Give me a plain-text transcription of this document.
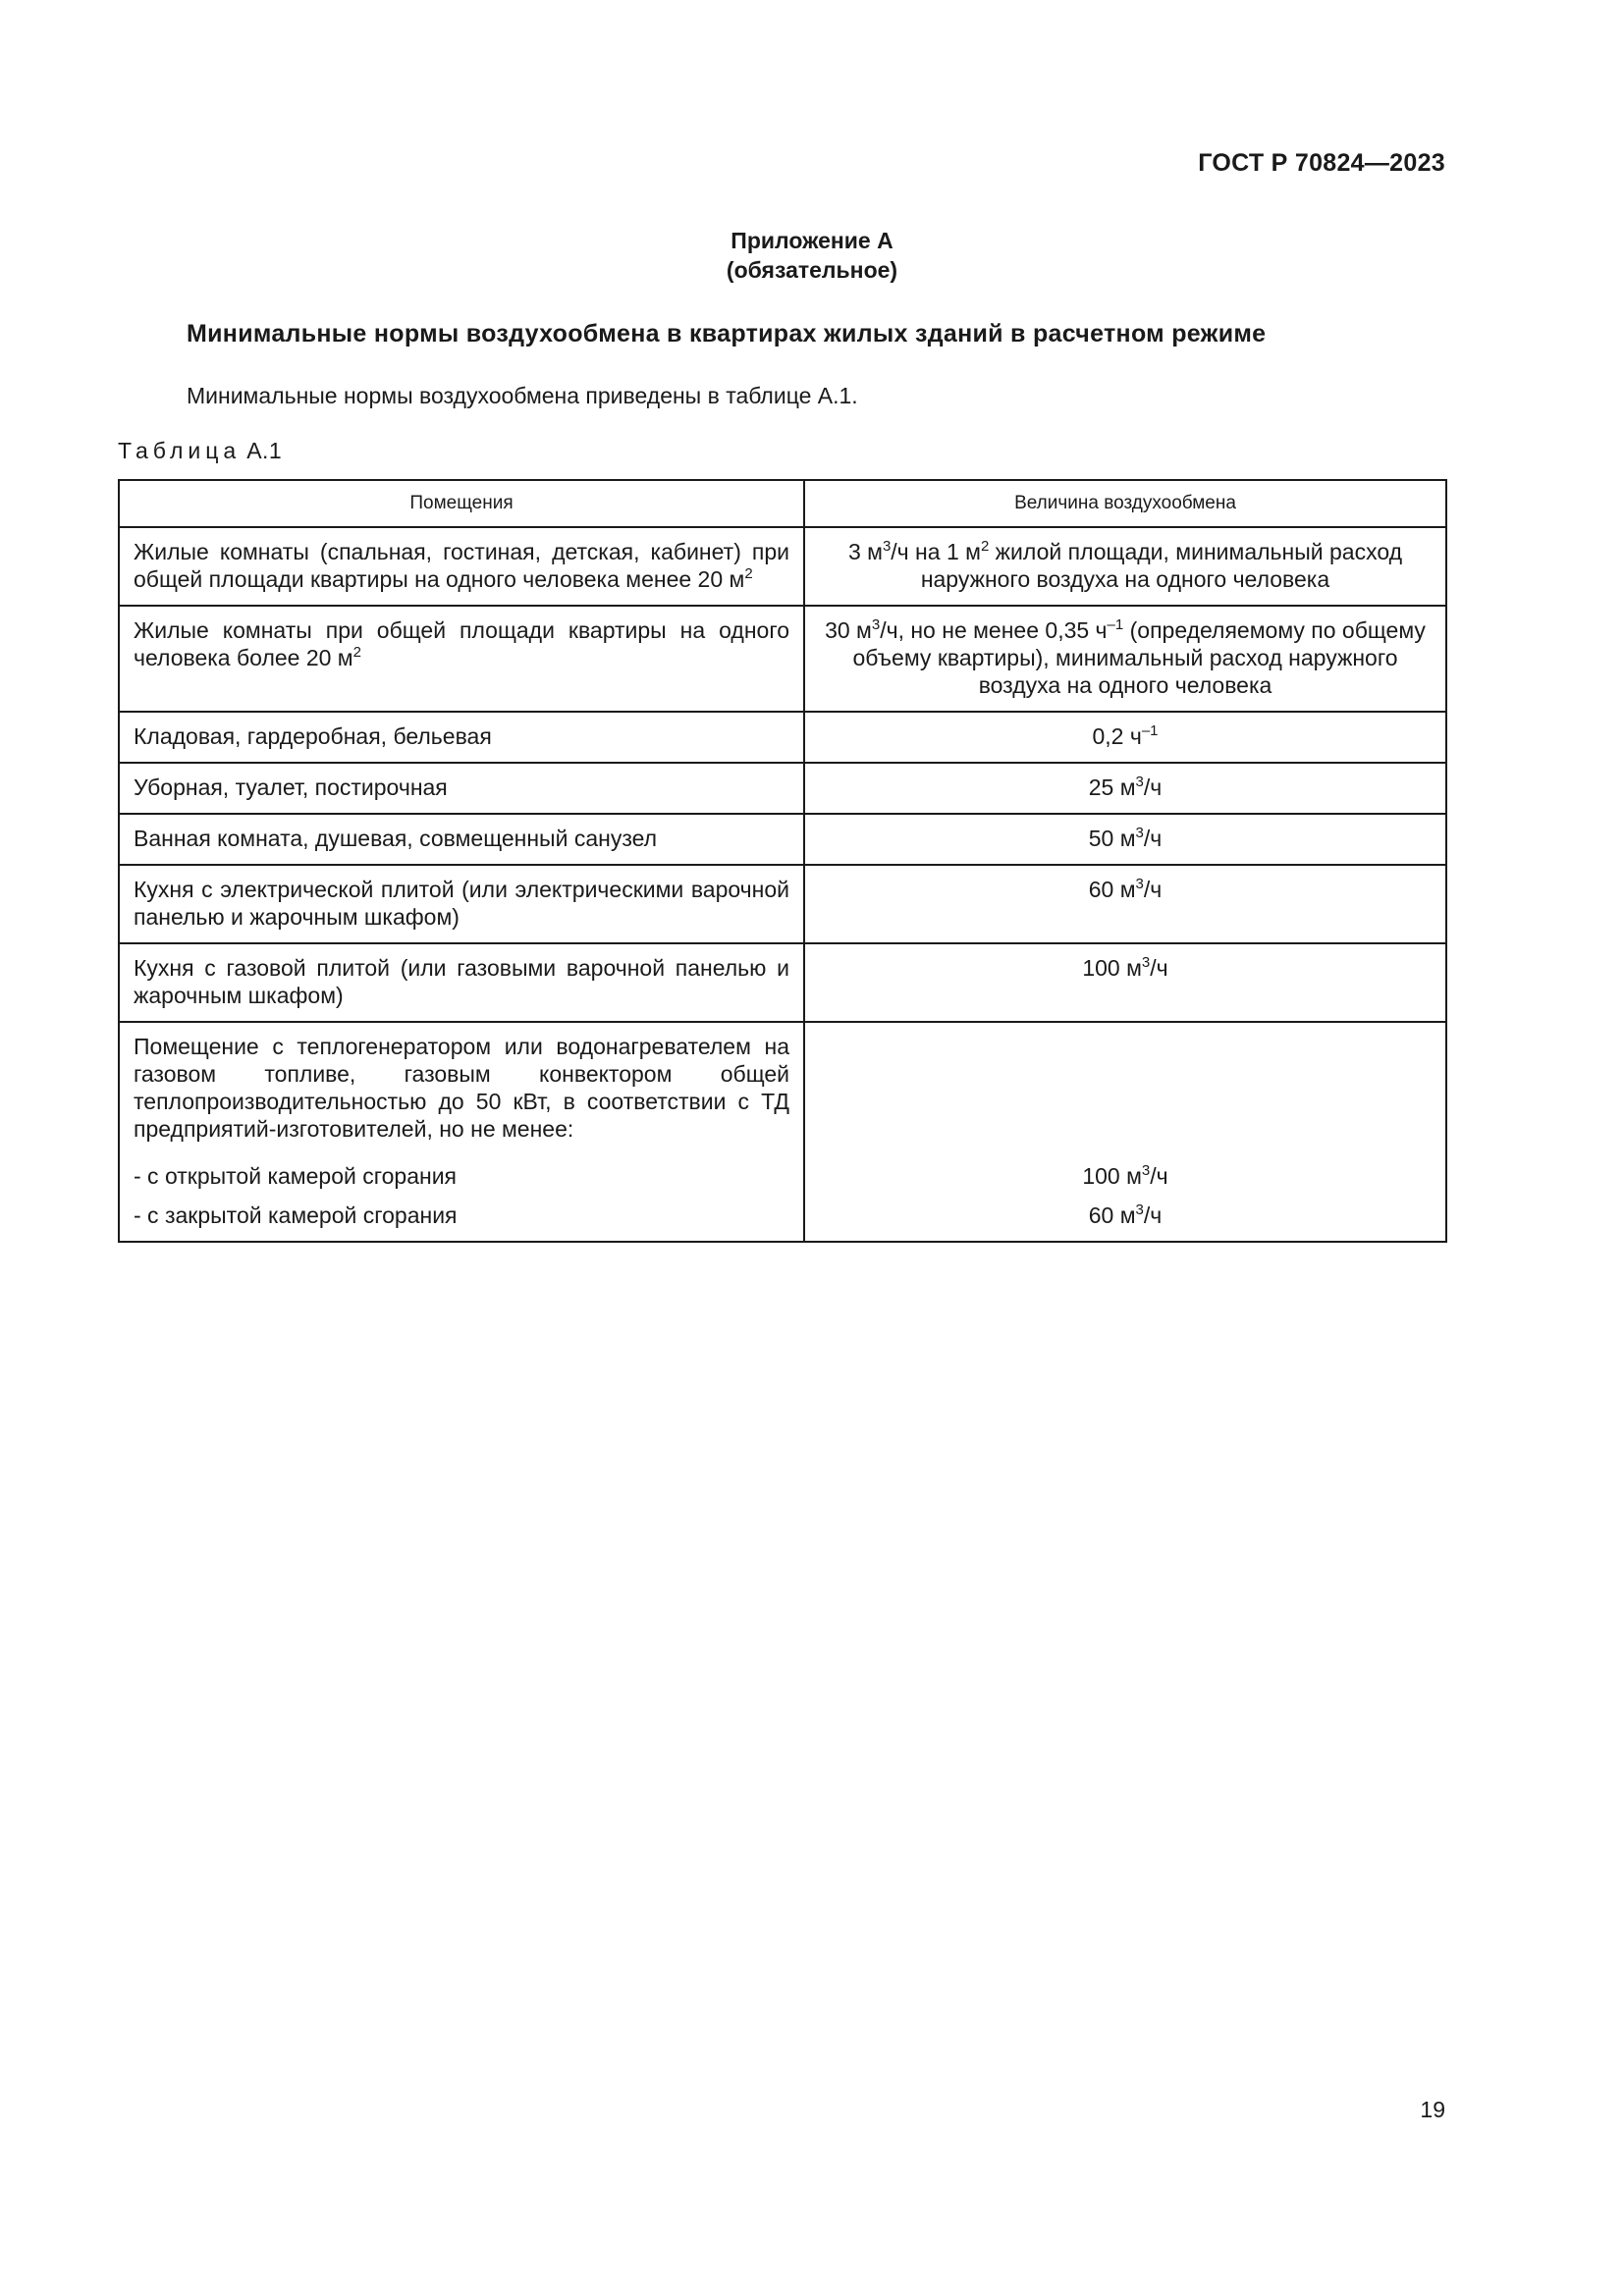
ГОСТ Р 70824—2023
Приложение А
(обязательное)
Минимальные нормы воздухообмена в квартирах жилых зданий в расчетном режиме
Минимальные нормы воздухообмена приведены в таблице А.1.
Таблица А.1
Помещения	Величина воздухообмена
Жилые комнаты (спальная, гостиная, детская, кабинет) при общей площади квартиры на одного человека менее 20 $м^2$	3 $м^3/ч$ на 1 $м^2$ жилой площади, минимальный расход наружного воздуха на одного человека
Жилые комнаты при общей площади квартиры на одного человека более 20 $м^2$	30 $м^3/ч$, но не менее 0,35 $ч^{-1}$ (определяемому по общему объему квартиры), минимальный расход наружного воздуха на одного человека
Кладовая, гардеробная, бельевая	0,2 $ч^{-1}$
Уборная, туалет, постирочная	25 $м^3/ч$
Ванная комната, душевая, совмещенный санузел	50 $м^3/ч$
Кухня с электрической плитой (или электрическими варочной панелью и жарочным шкафом)	60 $м^3/ч$
Кухня с газовой плитой (или газовыми варочной панелью и жарочным шкафом)	100 $м^3/ч$
Помещение с теплогенератором или водонагревателем на газовом топливе, газовым конвектором общей теплопроизводительностью до 50 кВт, в соответствии с ТД предприятий-изготовителей, но не менее:	
- с открытой камерой сгорания	100 $м^3/ч$
- с закрытой камерой сгорания	60 $м^3/ч$
19
